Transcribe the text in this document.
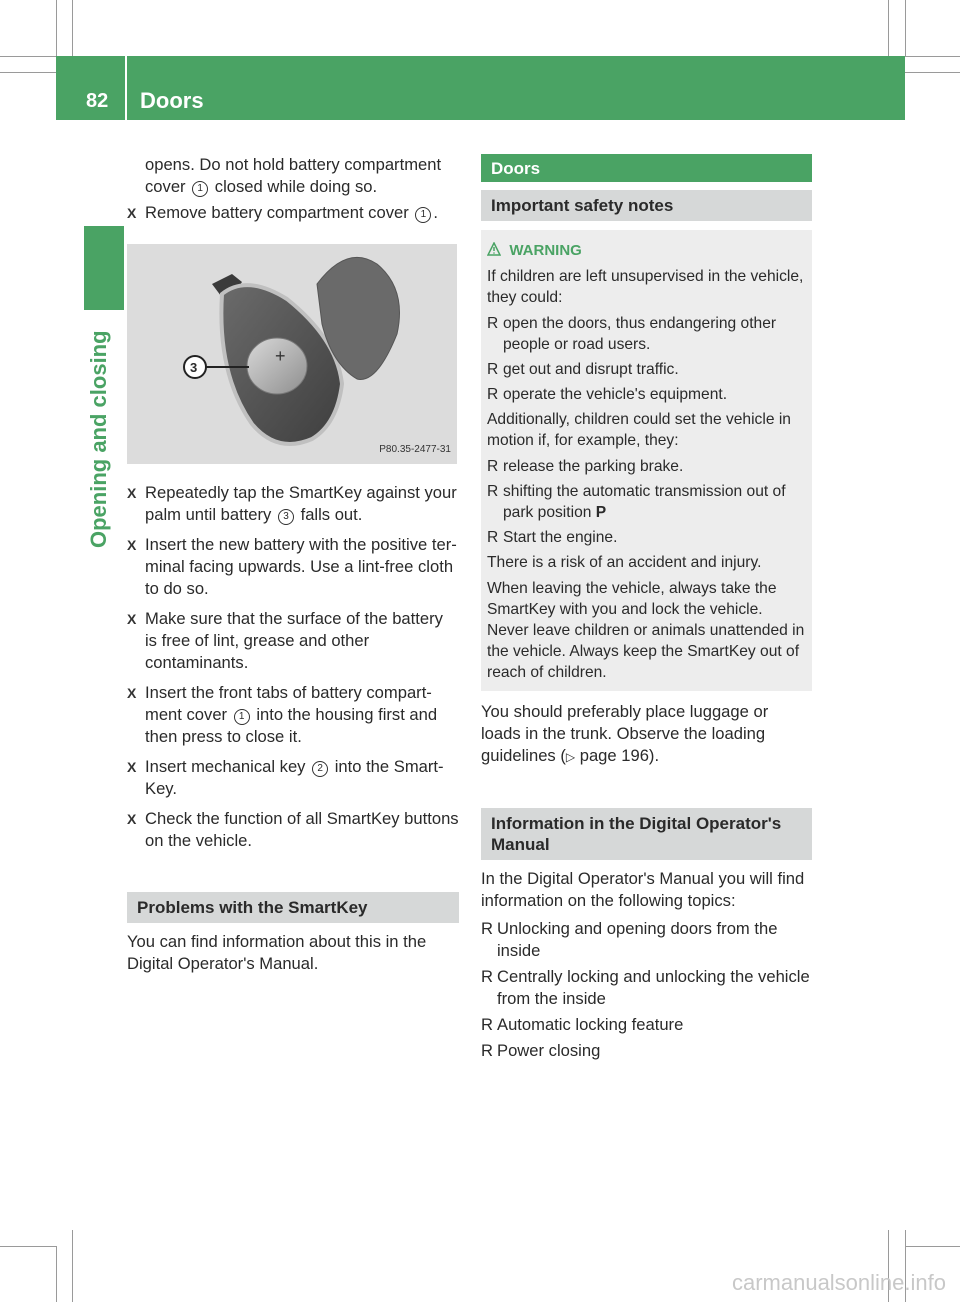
82 Doors
Opening and closing

opens. Do not hold battery compartment
cover 1 closed while doing so.

X Remove battery compartment cover 1 .
+
3
P80.35-2477-31
X Repeatedly tap the SmartKey against your palm until battery 3 falls out.
X Insert the new battery with the positive ter-minal facing upwards. Use a lint-free cloth to do so.
X Make sure that the surface of the battery is free of lint, grease and other contaminants.
X Insert the front tabs of battery compart-ment cover 1 into the housing first and then press to close it.
X Insert mechanical key 2 into the Smart-Key.
X Check the function of all SmartKey buttons on the vehicle.
Problems with the SmartKey

You can find information about this in the Digital Operator's Manual.

Doors
Important safety notes

WARNING

If children are left unsupervised in the vehicle, they could:

R open the doors, thus endangering other people or road users.
R get out and disrupt traffic.
R operate the vehicle's equipment.

Additionally, children could set the vehicle in motion if, for example, they:

R release the parking brake.
R shifting the automatic transmission out of park position P
R Start the engine.

There is a risk of an accident and injury.

When leaving the vehicle, always take the SmartKey with you and lock the vehicle. Never leave children or animals unattended in the vehicle. Always keep the SmartKey out of reach of children.

You should preferably place luggage or loads in the trunk. Observe the loading guidelines (▷ page 196).

Information in the Digital Operator's Manual

In the Digital Operator's Manual you will find information on the following topics:

R Unlocking and opening doors from the inside
R Centrally locking and unlocking the vehicle from the inside
R Automatic locking feature
R Power closing
carmanualsonline.info
